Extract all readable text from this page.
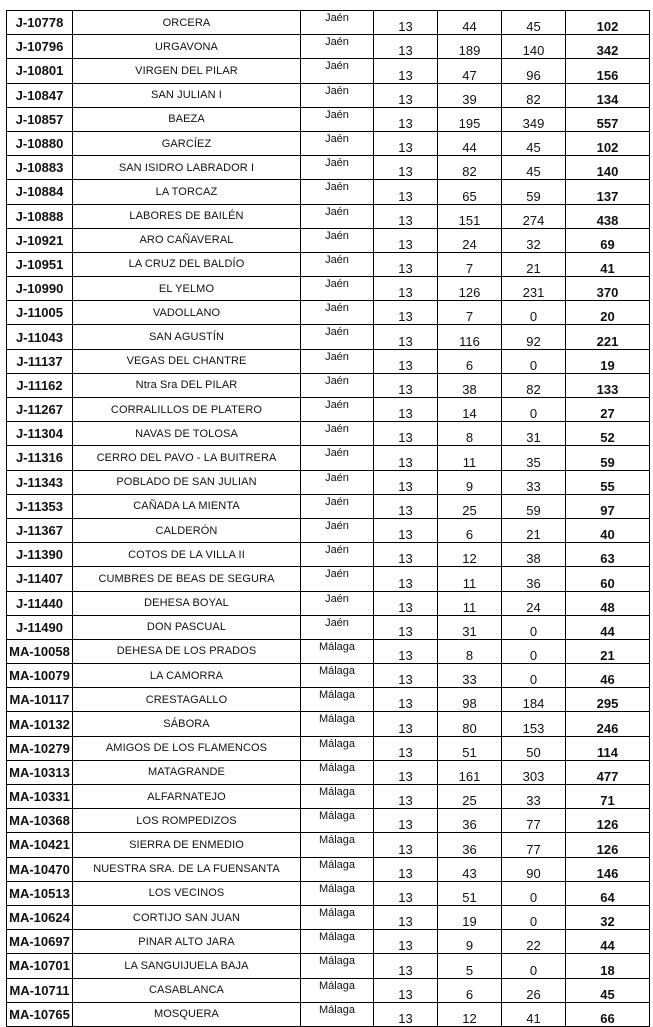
J-10778	ORCERA	Jaén	13	44	45	102
J-10796	URGAVONA	Jaén	13	189	140	342
J-10801	VIRGEN DEL PILAR	Jaén	13	47	96	156
J-10847	SAN JULIAN I	Jaén	13	39	82	134
J-10857	BAEZA	Jaén	13	195	349	557
J-10880	GARCÍEZ	Jaén	13	44	45	102
J-10883	SAN ISIDRO LABRADOR I	Jaén	13	82	45	140
J-10884	LA TORCAZ	Jaén	13	65	59	137
J-10888	LABORES DE BAILÉN	Jaén	13	151	274	438
J-10921	ARO CAÑAVERAL	Jaén	13	24	32	69
J-10951	LA CRUZ DEL BALDÍO	Jaén	13	7	21	41
J-10990	EL YELMO	Jaén	13	126	231	370
J-11005	VADOLLANO	Jaén	13	7	0	20
J-11043	SAN AGUSTÍN	Jaén	13	116	92	221
J-11137	VEGAS DEL CHANTRE	Jaén	13	6	0	19
J-11162	Ntra Sra DEL PILAR	Jaén	13	38	82	133
J-11267	CORRALILLOS DE PLATERO	Jaén	13	14	0	27
J-11304	NAVAS DE TOLOSA	Jaén	13	8	31	52
J-11316	CERRO DEL PAVO - LA BUITRERA	Jaén	13	11	35	59
J-11343	POBLADO DE SAN JULIAN	Jaén	13	9	33	55
J-11353	CAÑADA LA MIENTA	Jaén	13	25	59	97
J-11367	CALDERÓN	Jaén	13	6	21	40
J-11390	COTOS DE LA VILLA II	Jaén	13	12	38	63
J-11407	CUMBRES DE BEAS DE SEGURA	Jaén	13	11	36	60
J-11440	DEHESA BOYAL	Jaén	13	11	24	48
J-11490	DON PASCUAL	Jaén	13	31	0	44
MA-10058	DEHESA DE LOS PRADOS	Málaga	13	8	0	21
MA-10079	LA CAMORRA	Málaga	13	33	0	46
MA-10117	CRESTAGALLO	Málaga	13	98	184	295
MA-10132	SÁBORA	Málaga	13	80	153	246
MA-10279	AMIGOS DE LOS FLAMENCOS	Málaga	13	51	50	114
MA-10313	MATAGRANDE	Málaga	13	161	303	477
MA-10331	ALFARNATEJO	Málaga	13	25	33	71
MA-10368	LOS ROMPEDIZOS	Málaga	13	36	77	126
MA-10421	SIERRA DE ENMEDIO	Málaga	13	36	77	126
MA-10470	NUESTRA SRA. DE LA FUENSANTA	Málaga	13	43	90	146
MA-10513	LOS VECINOS	Málaga	13	51	0	64
MA-10624	CORTIJO SAN JUAN	Málaga	13	19	0	32
MA-10697	PINAR ALTO JARA	Málaga	13	9	22	44
MA-10701	LA SANGUIJUELA BAJA	Málaga	13	5	0	18
MA-10711	CASABLANCA	Málaga	13	6	26	45
MA-10765	MOSQUERA	Málaga	13	12	41	66
